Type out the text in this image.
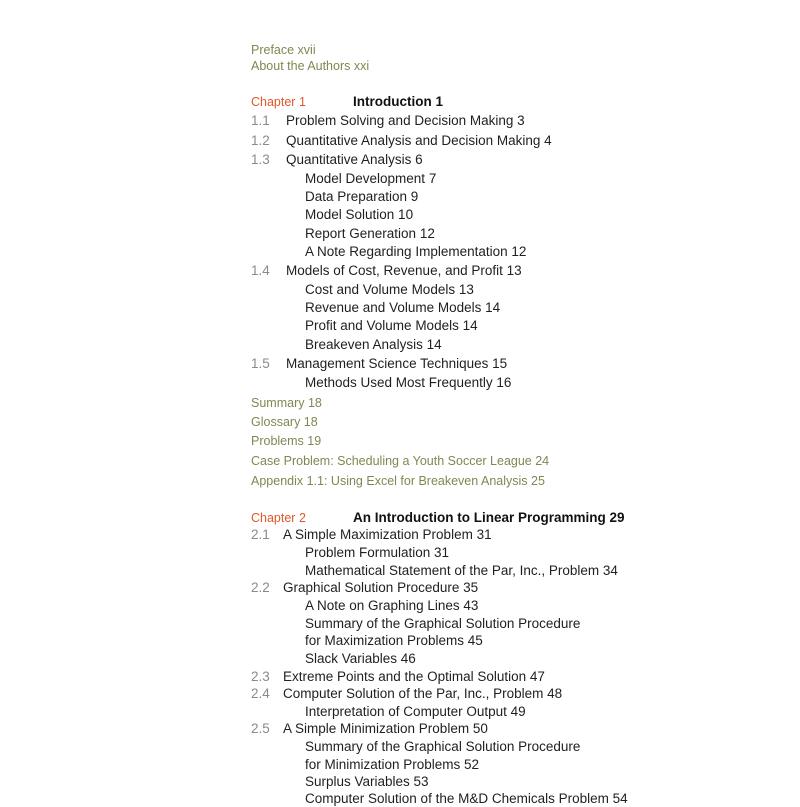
Preface xvii
About the Authors xxi
Chapter 1	Introduction 1
1.1 Problem Solving and Decision Making 3
1.2 Quantitative Analysis and Decision Making 4
1.3 Quantitative Analysis 6
Model Development 7
Data Preparation 9
Model Solution 10
Report Generation 12
A Note Regarding Implementation 12
1.4 Models of Cost, Revenue, and Profit 13
Cost and Volume Models 13
Revenue and Volume Models 14
Profit and Volume Models 14
Breakeven Analysis 14
1.5 Management Science Techniques 15
Methods Used Most Frequently 16
Summary 18
Glossary 18
Problems 19
Case Problem: Scheduling a Youth Soccer League 24
Appendix 1.1: Using Excel for Breakeven Analysis 25
Chapter 2	An Introduction to Linear Programming 29
2.1 A Simple Maximization Problem 31
Problem Formulation 31
Mathematical Statement of the Par, Inc., Problem 34
2.2 Graphical Solution Procedure 35
A Note on Graphing Lines 43
Summary of the Graphical Solution Procedure
for Maximization Problems 45
Slack Variables 46
2.3 Extreme Points and the Optimal Solution 47
2.4 Computer Solution of the Par, Inc., Problem 48
Interpretation of Computer Output 49
2.5 A Simple Minimization Problem 50
Summary of the Graphical Solution Procedure
for Minimization Problems 52
Surplus Variables 53
Computer Solution of the M&D Chemicals Problem 54
